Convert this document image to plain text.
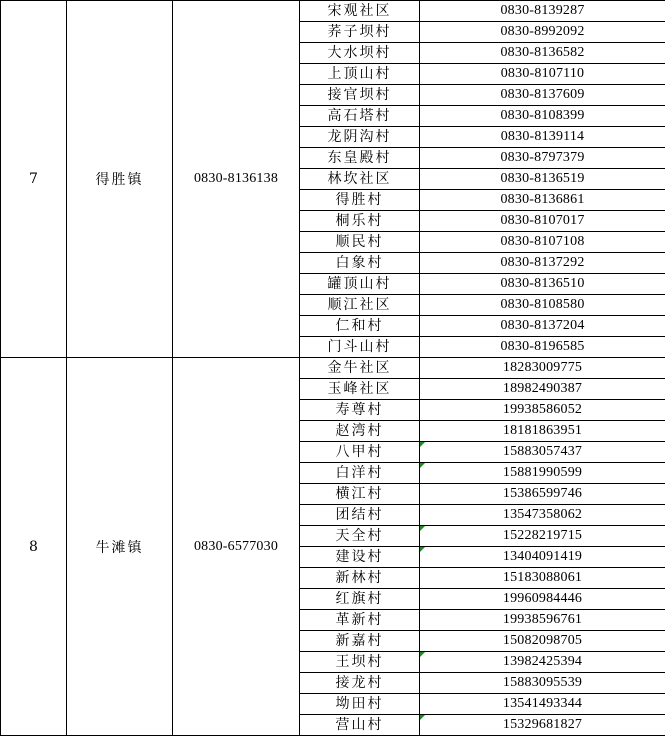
7	得胜镇	0830-8136138	宋观社区	0830-8139287
			荞子坝村	0830-8992092
			大水坝村	0830-8136582
			上顶山村	0830-8107110
			接官坝村	0830-8137609
			高石塔村	0830-8108399
			龙阴沟村	0830-8139114
			东皇殿村	0830-8797379
			林坎社区	0830-8136519
			得胜村	0830-8136861
			桐乐村	0830-8107017
			顺民村	0830-8107108
			白象村	0830-8137292
			罐顶山村	0830-8136510
			顺江社区	0830-8108580
			仁和村	0830-8137204
			门斗山村	0830-8196585
8	牛滩镇	0830-6577030	金牛社区	18283009775
			玉峰社区	18982490387
			寿尊村	19938586052
			赵湾村	18181863951
			八甲村	15883057437
			白洋村	15881990599
			横江村	15386599746
			团结村	13547358062
			天全村	15228219715
			建设村	13404091419
			新林村	15183088061
			红旗村	19960984446
			革新村	19938596761
			新嘉村	15082098705
			王坝村	13982425394
			接龙村	15883095539
			坳田村	13541493344
			营山村	15329681827
